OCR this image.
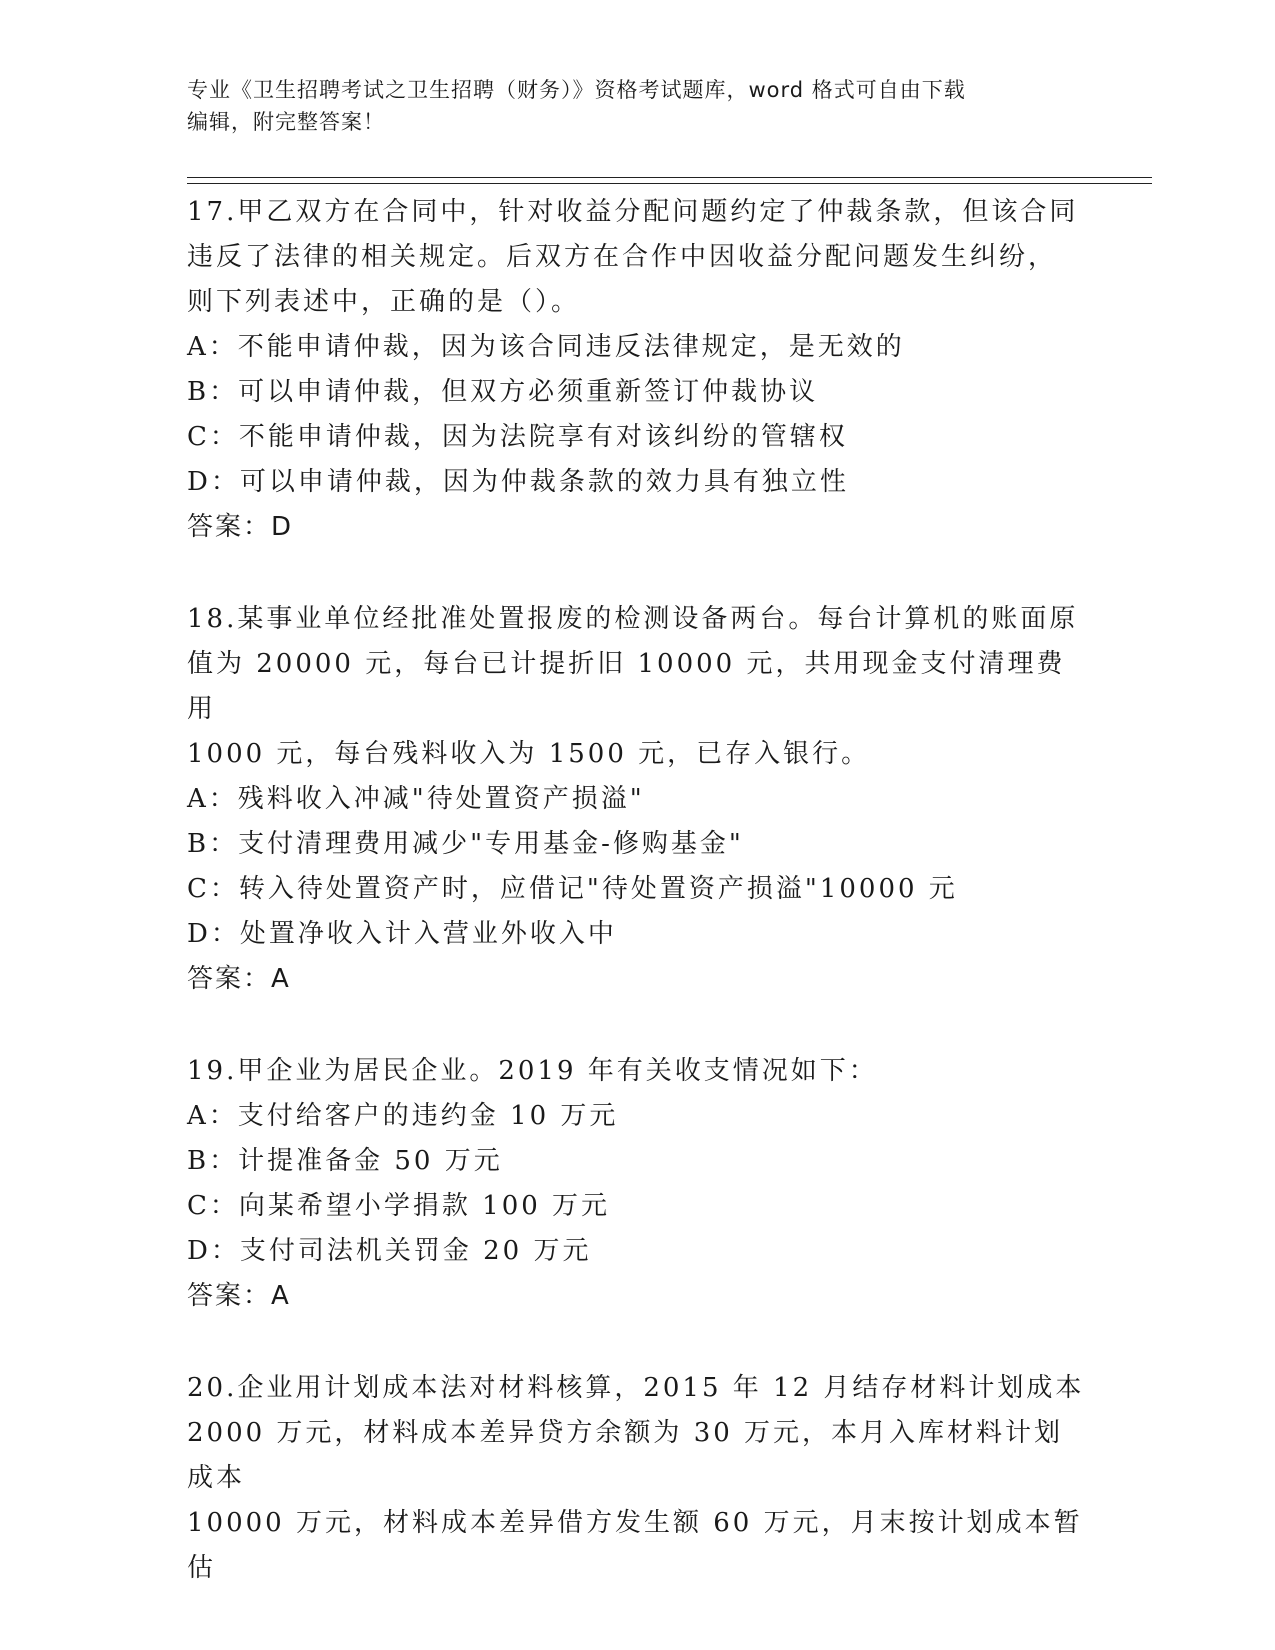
专业《卫生招聘考试之卫生招聘（财务）》资格考试题库，word 格式可自由下载
编辑，附完整答案！
17.甲乙双方在合同中，针对收益分配问题约定了仲裁条款，但该合同
违反了法律的相关规定。后双方在合作中因收益分配问题发生纠纷，
则下列表述中，正确的是（）。
A：不能申请仲裁，因为该合同违反法律规定，是无效的
B：可以申请仲裁，但双方必须重新签订仲裁协议
C：不能申请仲裁，因为法院享有对该纠纷的管辖权
D：可以申请仲裁，因为仲裁条款的效力具有独立性
答案：D
18.某事业单位经批准处置报废的检测设备两台。每台计算机的账面原
值为 20000 元，每台已计提折旧 10000 元，共用现金支付清理费用
1000 元，每台残料收入为 1500 元，已存入银行。
A：残料收入冲减"待处置资产损溢"
B：支付清理费用减少"专用基金-修购基金"
C：转入待处置资产时，应借记"待处置资产损溢"10000 元
D：处置净收入计入营业外收入中
答案：A
19.甲企业为居民企业。2019 年有关收支情况如下：
A：支付给客户的违约金 10 万元
B：计提准备金 50 万元
C：向某希望小学捐款 100 万元
D：支付司法机关罚金 20 万元
答案：A
20.企业用计划成本法对材料核算，2015 年 12 月结存材料计划成本
2000 万元，材料成本差异贷方余额为 30 万元，本月入库材料计划成本
10000 万元，材料成本差异借方发生额 60 万元，月末按计划成本暂估
